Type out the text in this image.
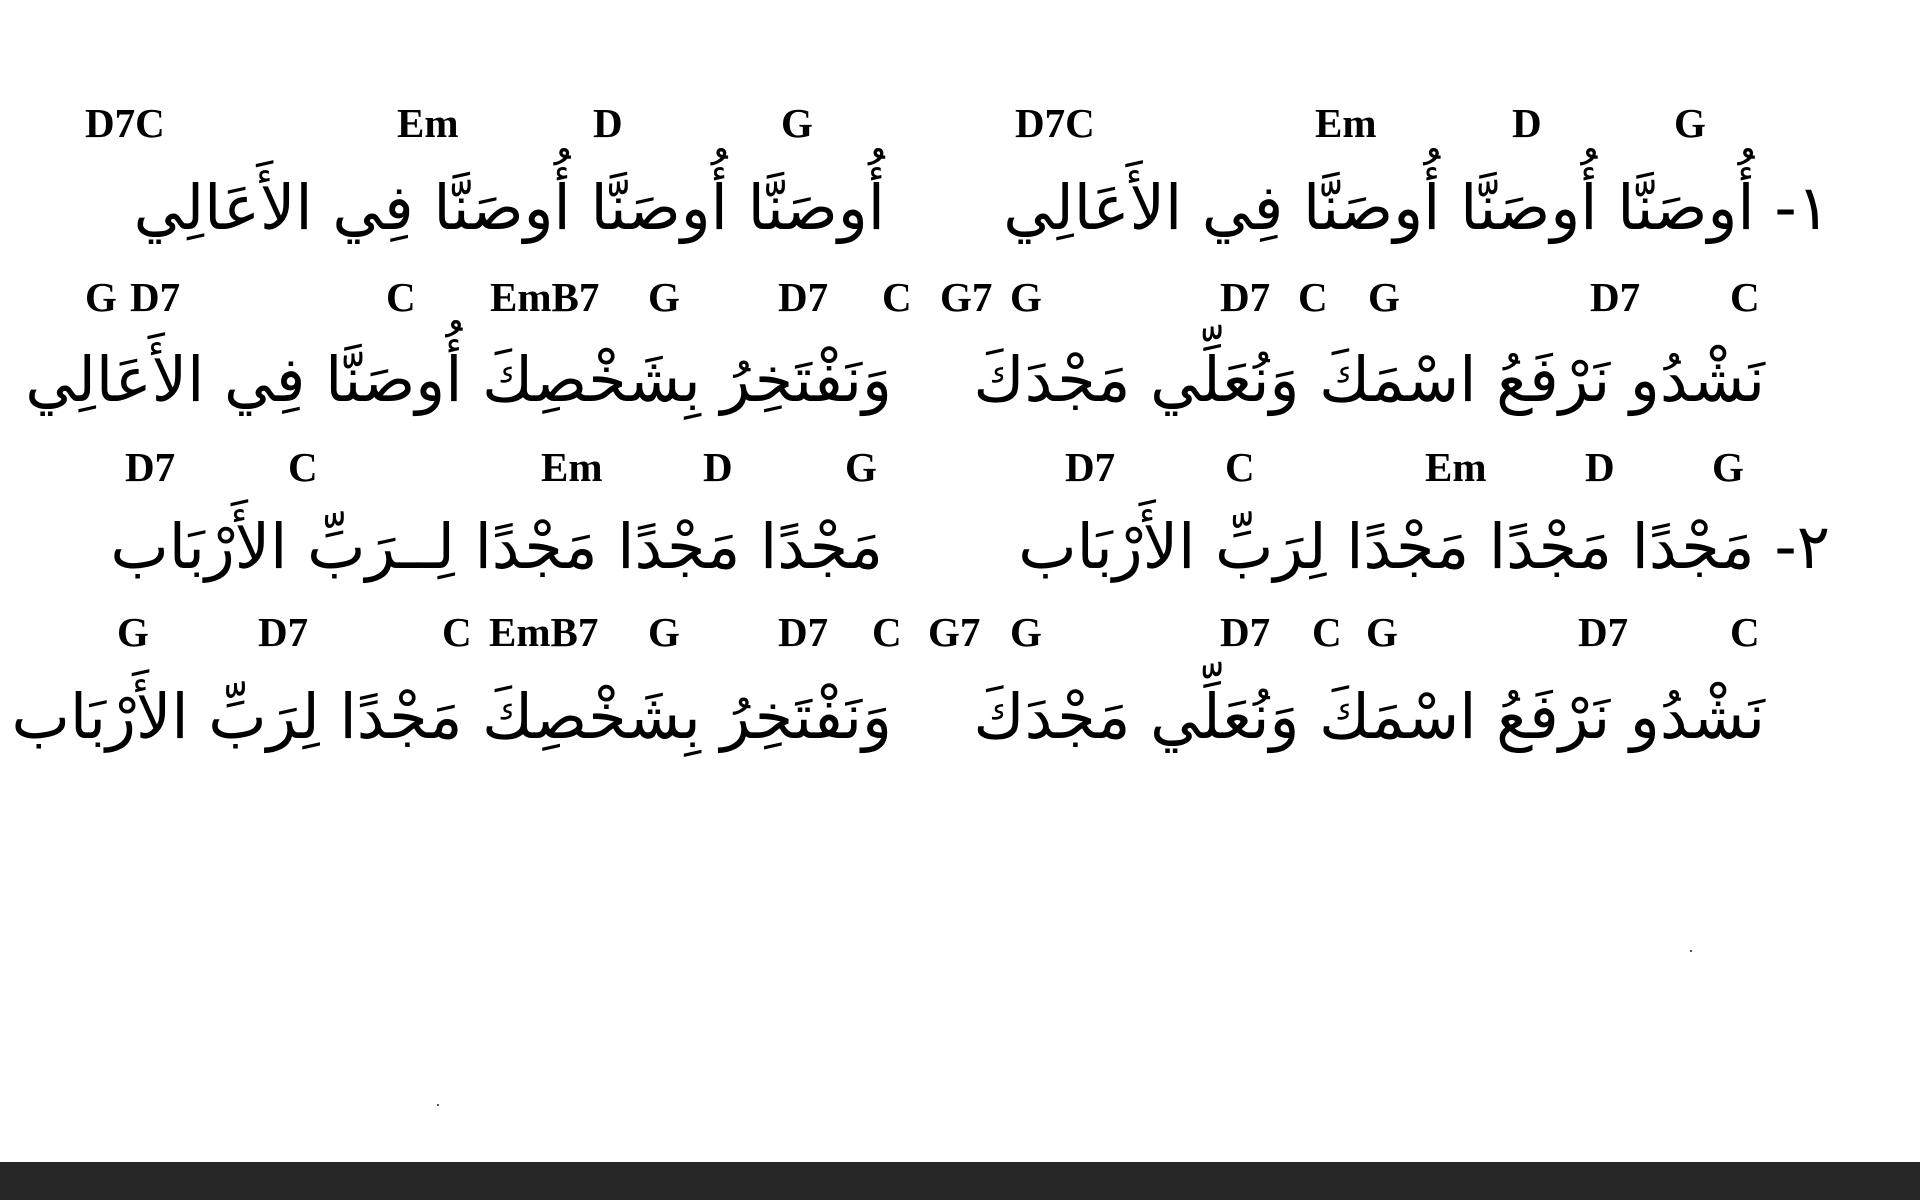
D7C	Em	D	G	D7C	Em	D	G
١- أُوصَنَّا أُوصَنَّا أُوصَنَّا فِي الأَعَالِي
أُوصَنَّا أُوصَنَّا أُوصَنَّا فِي الأَعَالِي
G D7	C EmB7 G D7 C G7 G	D7 C G	D7 C
نَشْدُو نَرْفَعُ اسْمَكَ وَنُعَلِّي مَجْدَكَ
وَنَفْتَخِرُ بِشَخْصِكَ أُوصَنَّا فِي الأَعَالِي
D7	C	Em D	G	D7	C	Em D G
٢- مَجْدًا مَجْدًا مَجْدًا لِرَبِّ الأَرْبَاب
مَجْدًا مَجْدًا مَجْدًا لِــرَبِّ الأَرْبَاب
G	D7	C EmB7 G D7 C G7 G	D7 C G	D7 C
نَشْدُو نَرْفَعُ اسْمَكَ وَنُعَلِّي مَجْدَكَ
وَنَفْتَخِرُ بِشَخْصِكَ مَجْدًا لِرَبِّ الأَرْبَاب
